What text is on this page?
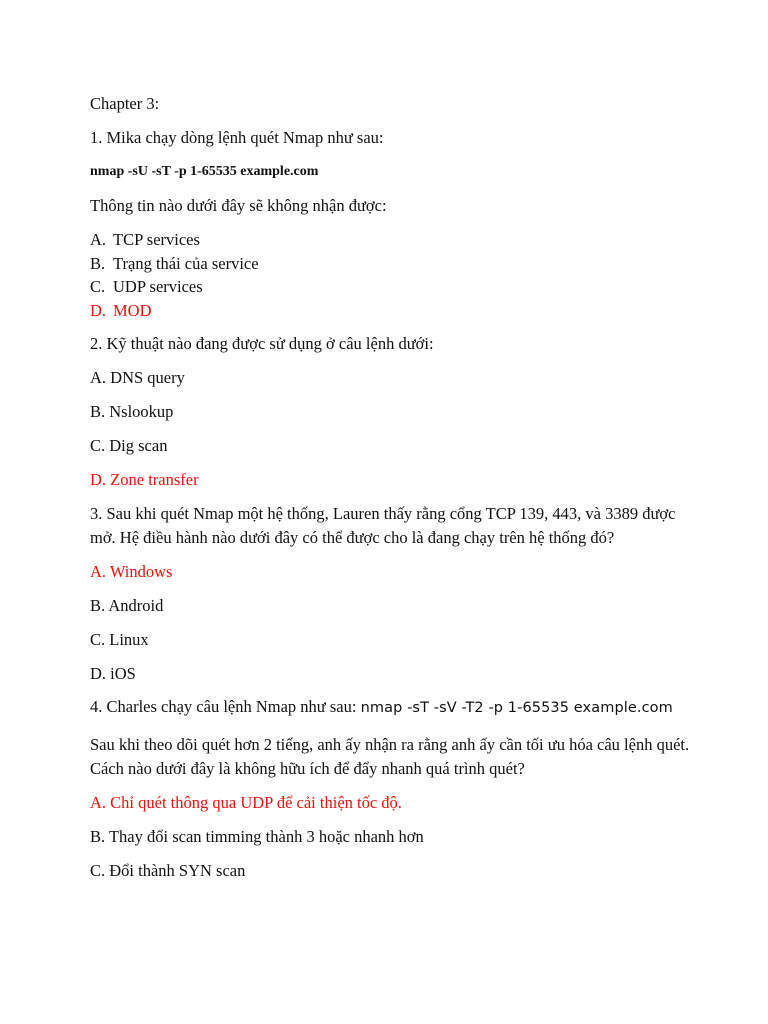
Chapter 3:

1. Mika chạy dòng lệnh quét Nmap như sau:

nmap -sU -sT -p 1-65535 example.com

Thông tin nào dưới đây sẽ không nhận được:

A. TCP services

B. Trạng thái của service

C. UDP services

D. MOD

2. Kỹ thuật nào đang được sử dụng ở câu lệnh dưới:

A. DNS query

B. Nslookup

C. Dig scan

D. Zone transfer

3. Sau khi quét Nmap một hệ thống, Lauren thấy rằng cổng TCP 139, 443, và 3389 được mở. Hệ điều hành nào dưới đây có thể được cho là đang chạy trên hệ thống đó?

A. Windows

B. Android

C. Linux

D. iOS

4. Charles chạy câu lệnh Nmap như sau: nmap -sT -sV -T2 -p 1-65535 example.com

Sau khi theo dõi quét hơn 2 tiếng, anh ấy nhận ra rằng anh ấy cần tối ưu hóa câu lệnh quét. Cách nào dưới đây là không hữu ích để đẩy nhanh quá trình quét?

A. Chỉ quét thông qua UDP để cải thiện tốc độ.

B. Thay đổi scan timming thành 3 hoặc nhanh hơn

C. Đổi thành SYN scan
